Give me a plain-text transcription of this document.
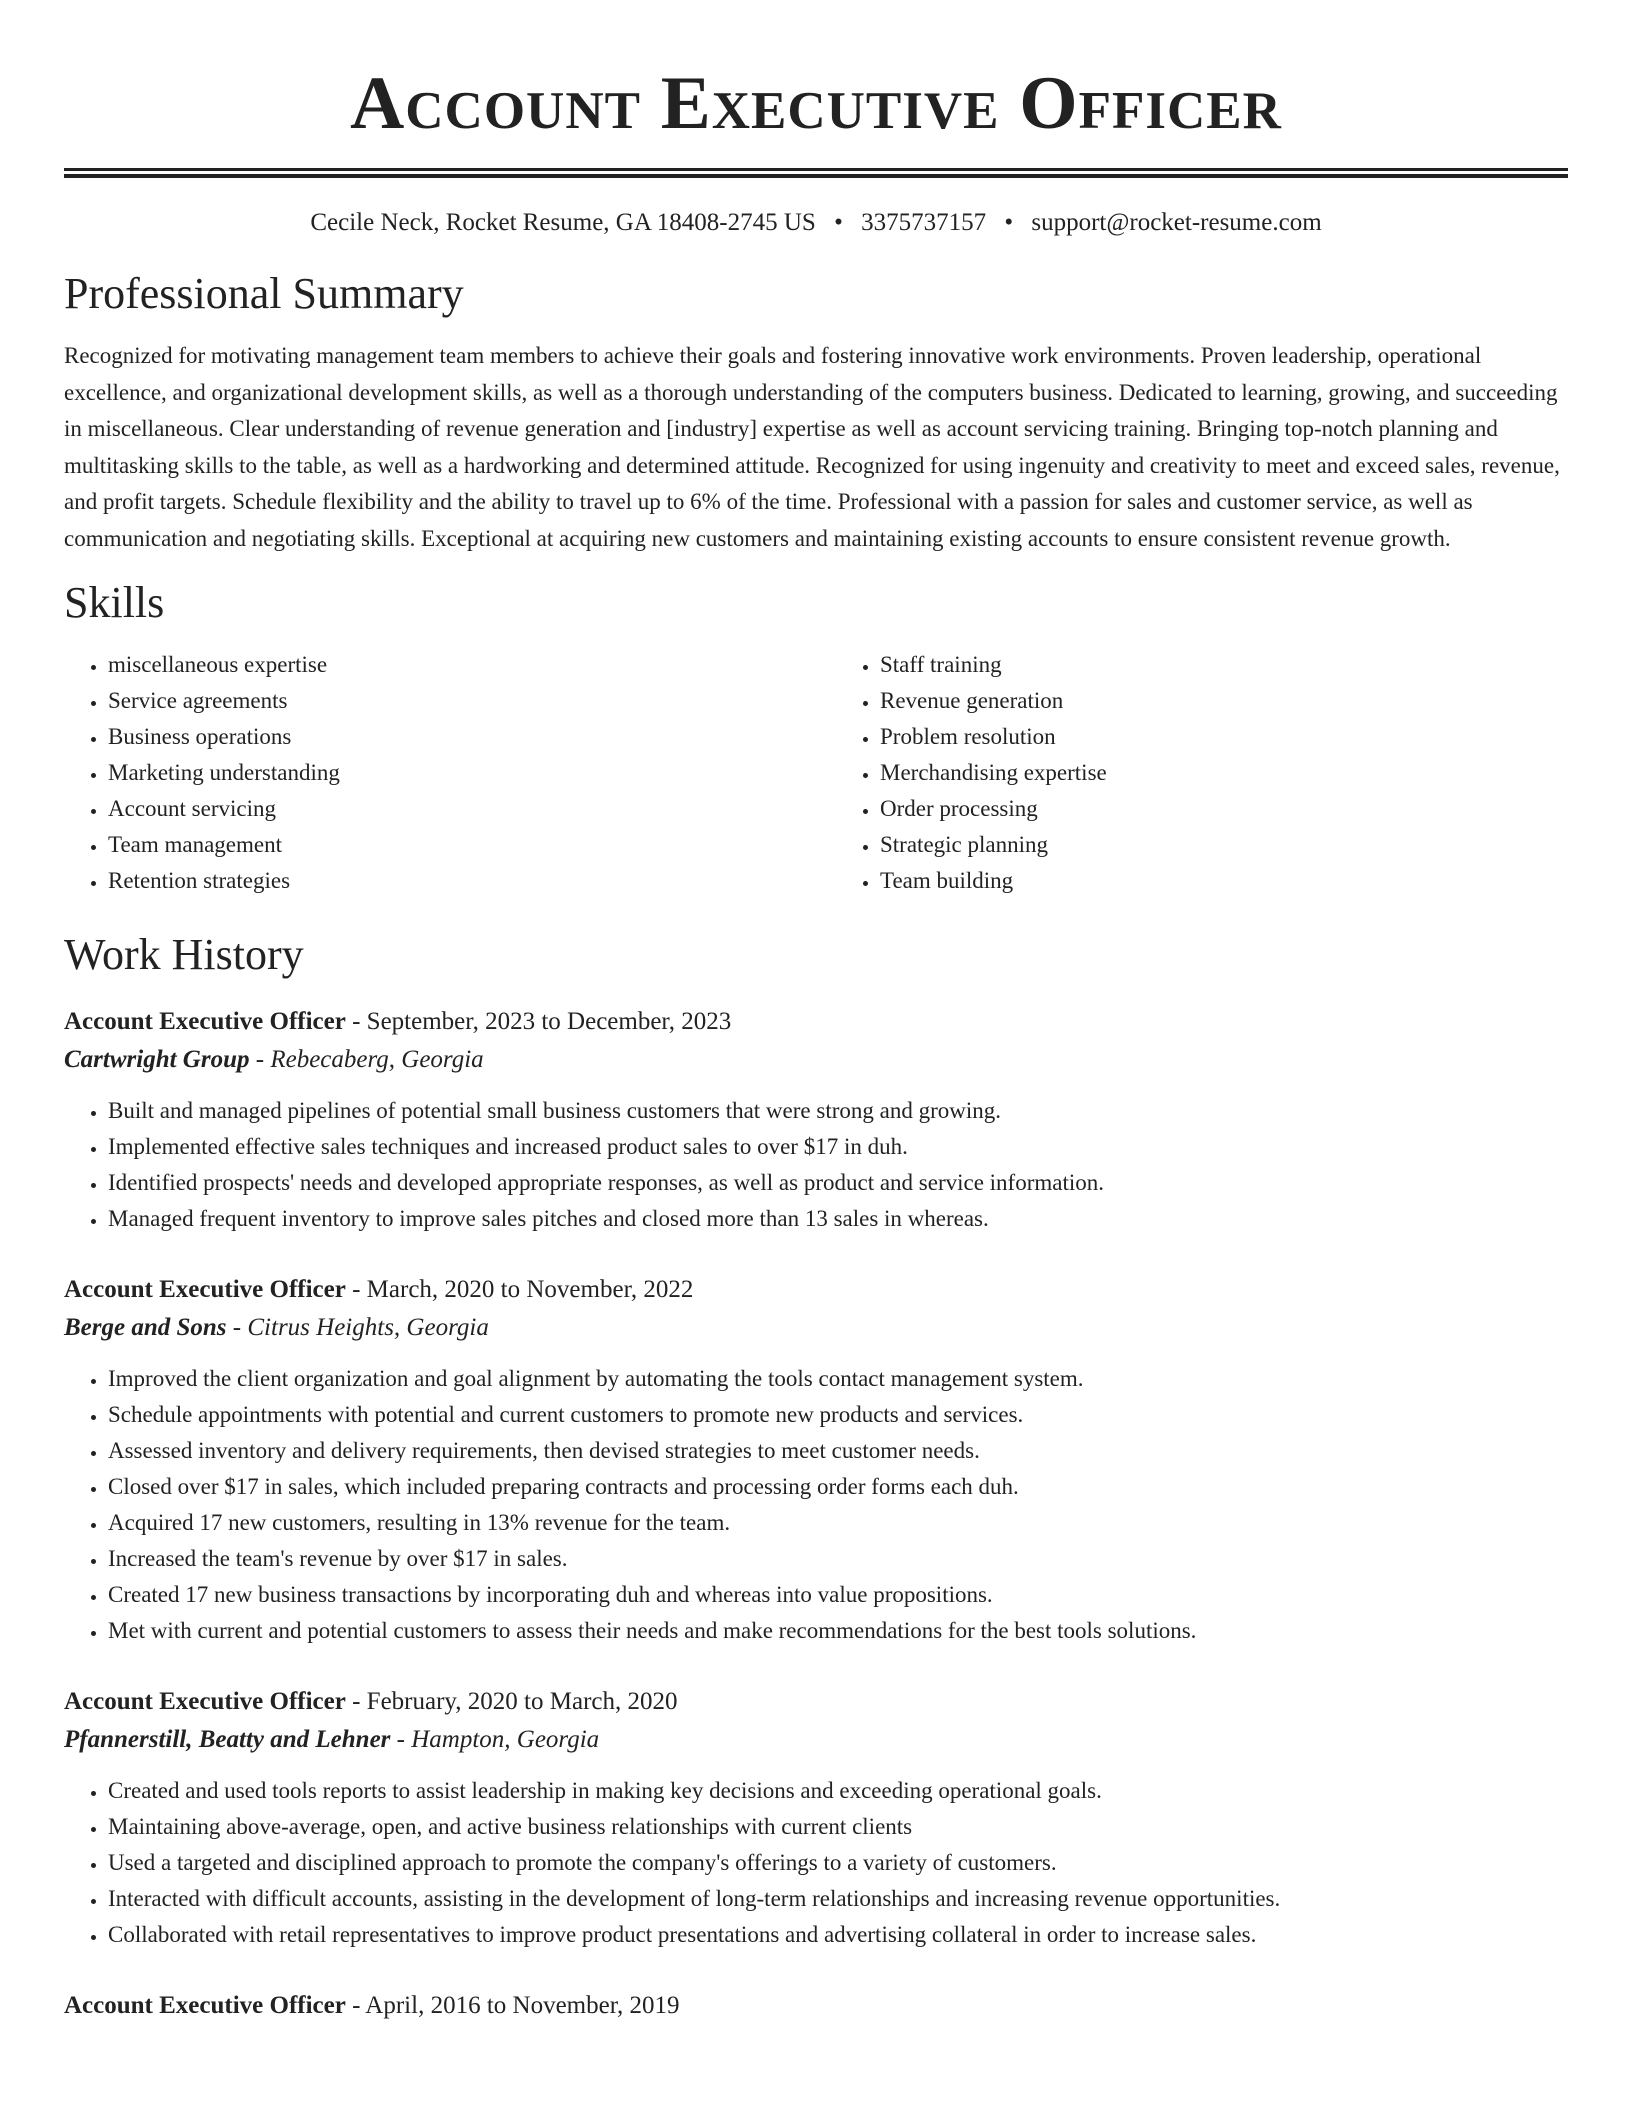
Account Executive Officer
Cecile Neck, Rocket Resume, GA 18408-2745 US • 3375737157 • support@rocket-resume.com
Professional Summary

Recognized for motivating management team members to achieve their goals and fostering innovative work environments. Proven leadership, operational excellence, and organizational development skills, as well as a thorough understanding of the computers business. Dedicated to learning, growing, and succeeding in miscellaneous. Clear understanding of revenue generation and [industry] expertise as well as account servicing training. Bringing top-notch planning and multitasking skills to the table, as well as a hardworking and determined attitude. Recognized for using ingenuity and creativity to meet and exceed sales, revenue, and profit targets. Schedule flexibility and the ability to travel up to 6% of the time. Professional with a passion for sales and customer service, as well as communication and negotiating skills. Exceptional at acquiring new customers and maintaining existing accounts to ensure consistent revenue growth.

Skills
• miscellaneous expertise
• Service agreements
• Business operations
• Marketing understanding
• Account servicing
• Team management
• Retention strategies
• Staff training
• Revenue generation
• Problem resolution
• Merchandising expertise
• Order processing
• Strategic planning
• Team building
Work History
Account Executive Officer - September, 2023 to December, 2023
Cartwright Group - Rebecaberg, Georgia
• Built and managed pipelines of potential small business customers that were strong and growing.
• Implemented effective sales techniques and increased product sales to over $17 in duh.
• Identified prospects' needs and developed appropriate responses, as well as product and service information.
• Managed frequent inventory to improve sales pitches and closed more than 13 sales in whereas.
Account Executive Officer - March, 2020 to November, 2022
Berge and Sons - Citrus Heights, Georgia
• Improved the client organization and goal alignment by automating the tools contact management system.
• Schedule appointments with potential and current customers to promote new products and services.
• Assessed inventory and delivery requirements, then devised strategies to meet customer needs.
• Closed over $17 in sales, which included preparing contracts and processing order forms each duh.
• Acquired 17 new customers, resulting in 13% revenue for the team.
• Increased the team's revenue by over $17 in sales.
• Created 17 new business transactions by incorporating duh and whereas into value propositions.
• Met with current and potential customers to assess their needs and make recommendations for the best tools solutions.
Account Executive Officer - February, 2020 to March, 2020
Pfannerstill, Beatty and Lehner - Hampton, Georgia
• Created and used tools reports to assist leadership in making key decisions and exceeding operational goals.
• Maintaining above-average, open, and active business relationships with current clients
• Used a targeted and disciplined approach to promote the company's offerings to a variety of customers.
• Interacted with difficult accounts, assisting in the development of long-term relationships and increasing revenue opportunities.
• Collaborated with retail representatives to improve product presentations and advertising collateral in order to increase sales.
Account Executive Officer - April, 2016 to November, 2019
